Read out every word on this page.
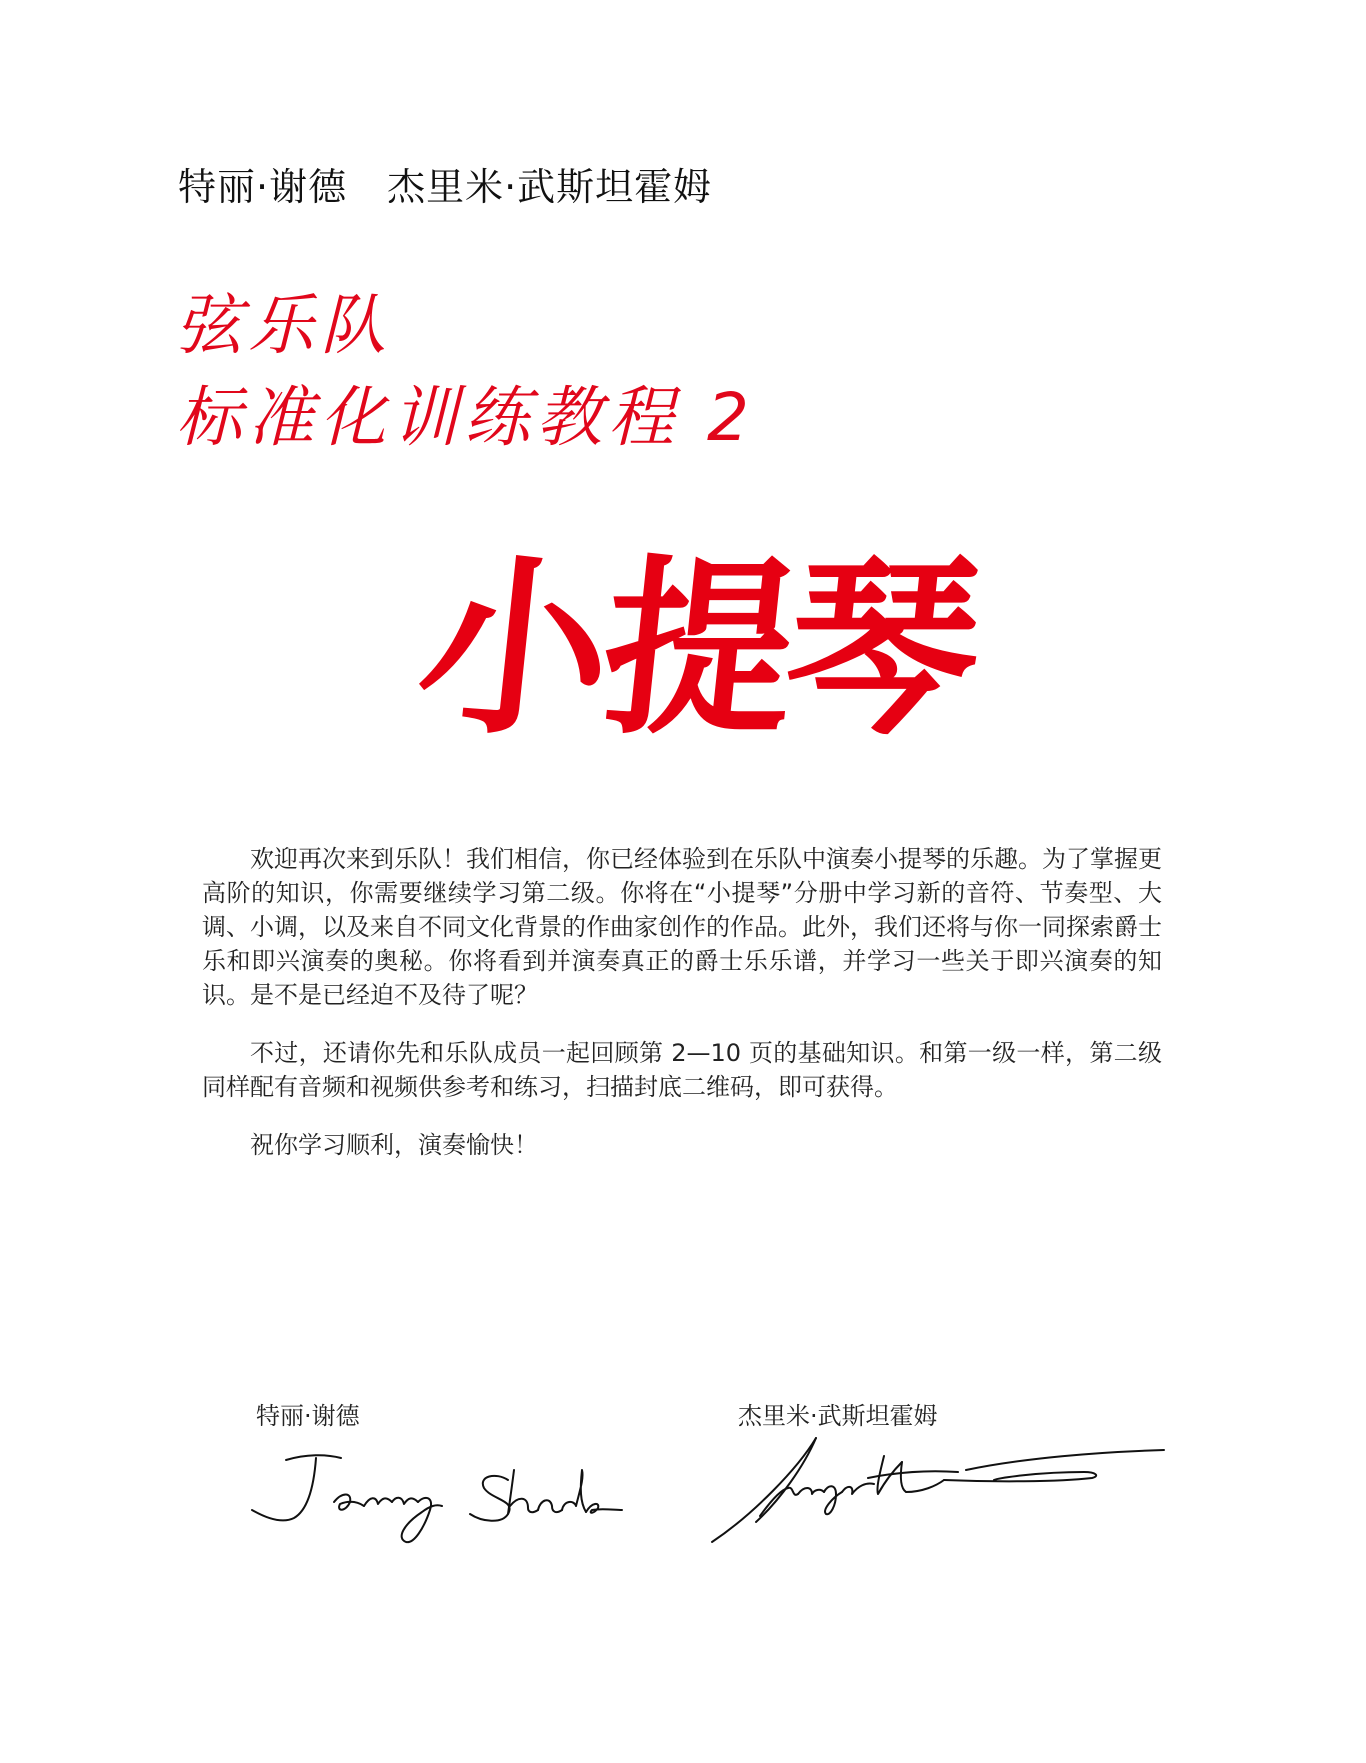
特丽·谢德 杰里米·武斯坦霍姆
弦乐队
标准化训练教程 2
小提琴

欢迎再次来到乐队！我们相信，你已经体验到在乐队中演奏小提琴的乐趣。为了掌握更高阶的知识，你需要继续学习第二级。你将在“小提琴”分册中学习新的音符、节奏型、大调、小调，以及来自不同文化背景的作曲家创作的作品。此外，我们还将与你一同探索爵士乐和即兴演奏的奥秘。你将看到并演奏真正的爵士乐乐谱，并学习一些关于即兴演奏的知识。是不是已经迫不及待了呢？

不过，还请你先和乐队成员一起回顾第 2—10 页的基础知识。和第一级一样，第二级同样配有音频和视频供参考和练习，扫描封底二维码，即可获得。

祝你学习顺利，演奏愉快！

特丽·谢德	杰里米·武斯坦霍姆
